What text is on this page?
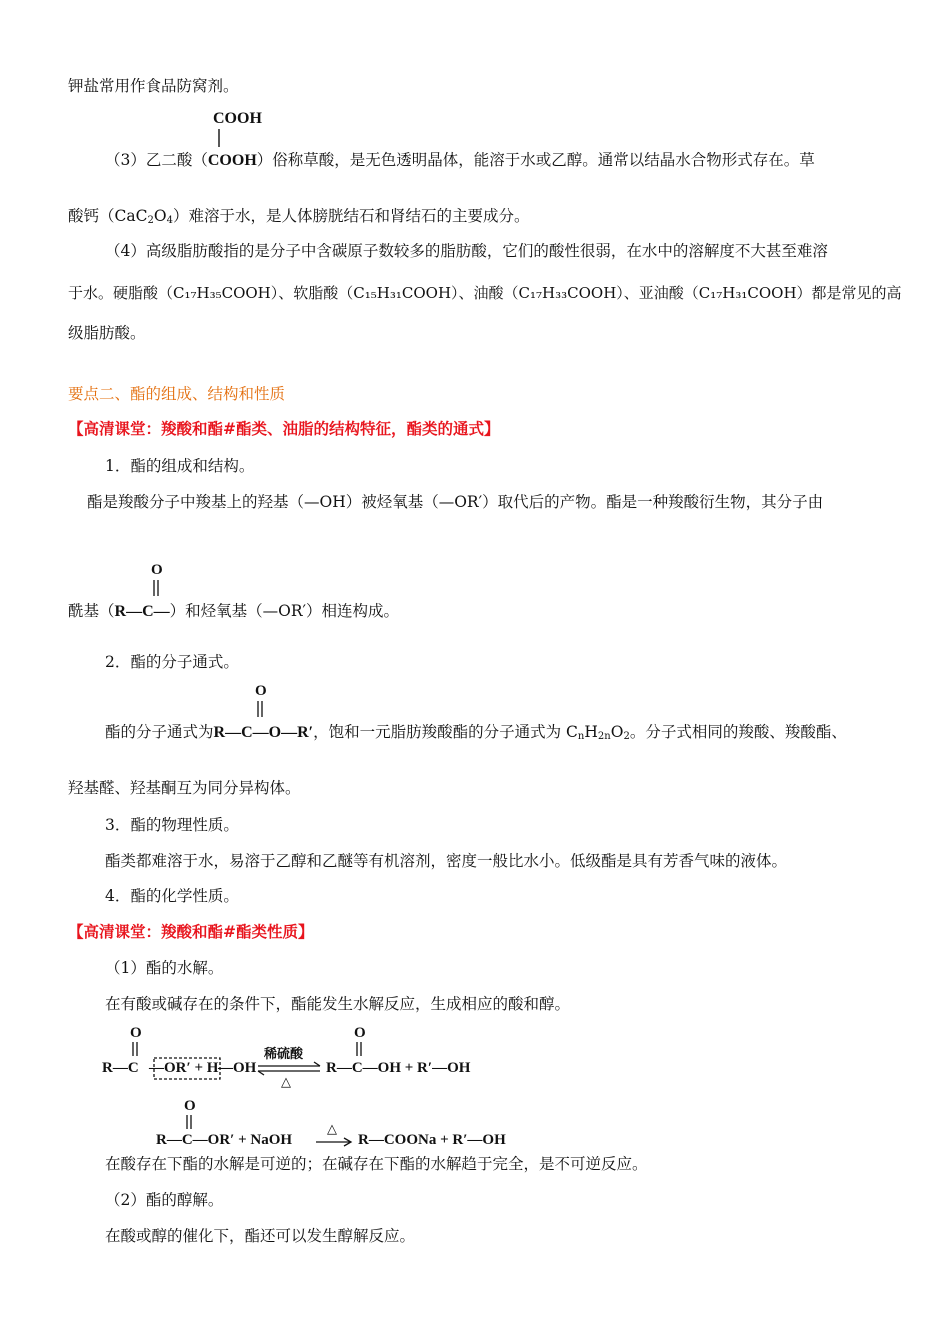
钾盐常用作食品防窝剂。
COOH
（3）乙二酸（COOH）俗称草酸，是无色透明晶体，能溶于水或乙醇。通常以结晶水合物形式存在。草
酸钙$(CaC_2O_4)$难溶于水，是人体膀胱结石和肾结石的主要成分。
（4）高级脂肪酸指的是分子中含碳原子数较多的脂肪酸，它们的酸性很弱，在水中的溶解度不大甚至难溶
于水。硬脂酸（C₁₇H₃₅COOH）、软脂酸（C₁₅H₃₁COOH）、油酸（C₁₇H₃₃COOH）、亚油酸（C₁₇H₃₁COOH）都是常见的高
级脂肪酸。
要点二、酯的组成、结构和性质
【高清课堂：羧酸和酯#酯类、油脂的结构特征，酯类的通式】
1．酯的组成和结构。
酯是羧酸分子中羧基上的羟基（—OH）被烃氧基（—OR′）取代后的产物。酯是一种羧酸衍生物，其分子由
O
酰基（R—C—）和烃氧基（—OR′）相连构成。
2．酯的分子通式。
O
酯的分子通式为R—C—O—R′，饱和一元脂肪羧酸酯的分子通式为 $C_nH_{2n}O_2$。分子式相同的羧酸、羧酸酯、
羟基醛、羟基酮互为同分异构体。
3．酯的物理性质。
酯类都难溶于水，易溶于乙醇和乙醚等有机溶剂，密度一般比水小。低级酯是具有芳香气味的液体。
4．酯的化学性质。
【高清课堂：羧酸和酯#酯类性质】
（1）酯的水解。
在有酸或碱存在的条件下，酯能发生水解反应，生成相应的酸和醇。
O
R—C —OR′ + H —OH
稀硫酸
△
O
R—C—OH + R′—OH
O
R—C—OR′ + NaOH
△
→ R—COONa + R′—OH
在酸存在下酯的水解是可逆的；在碱存在下酯的水解趋于完全，是不可逆反应。
（2）酯的醇解。
在酸或醇的催化下，酯还可以发生醇解反应。
